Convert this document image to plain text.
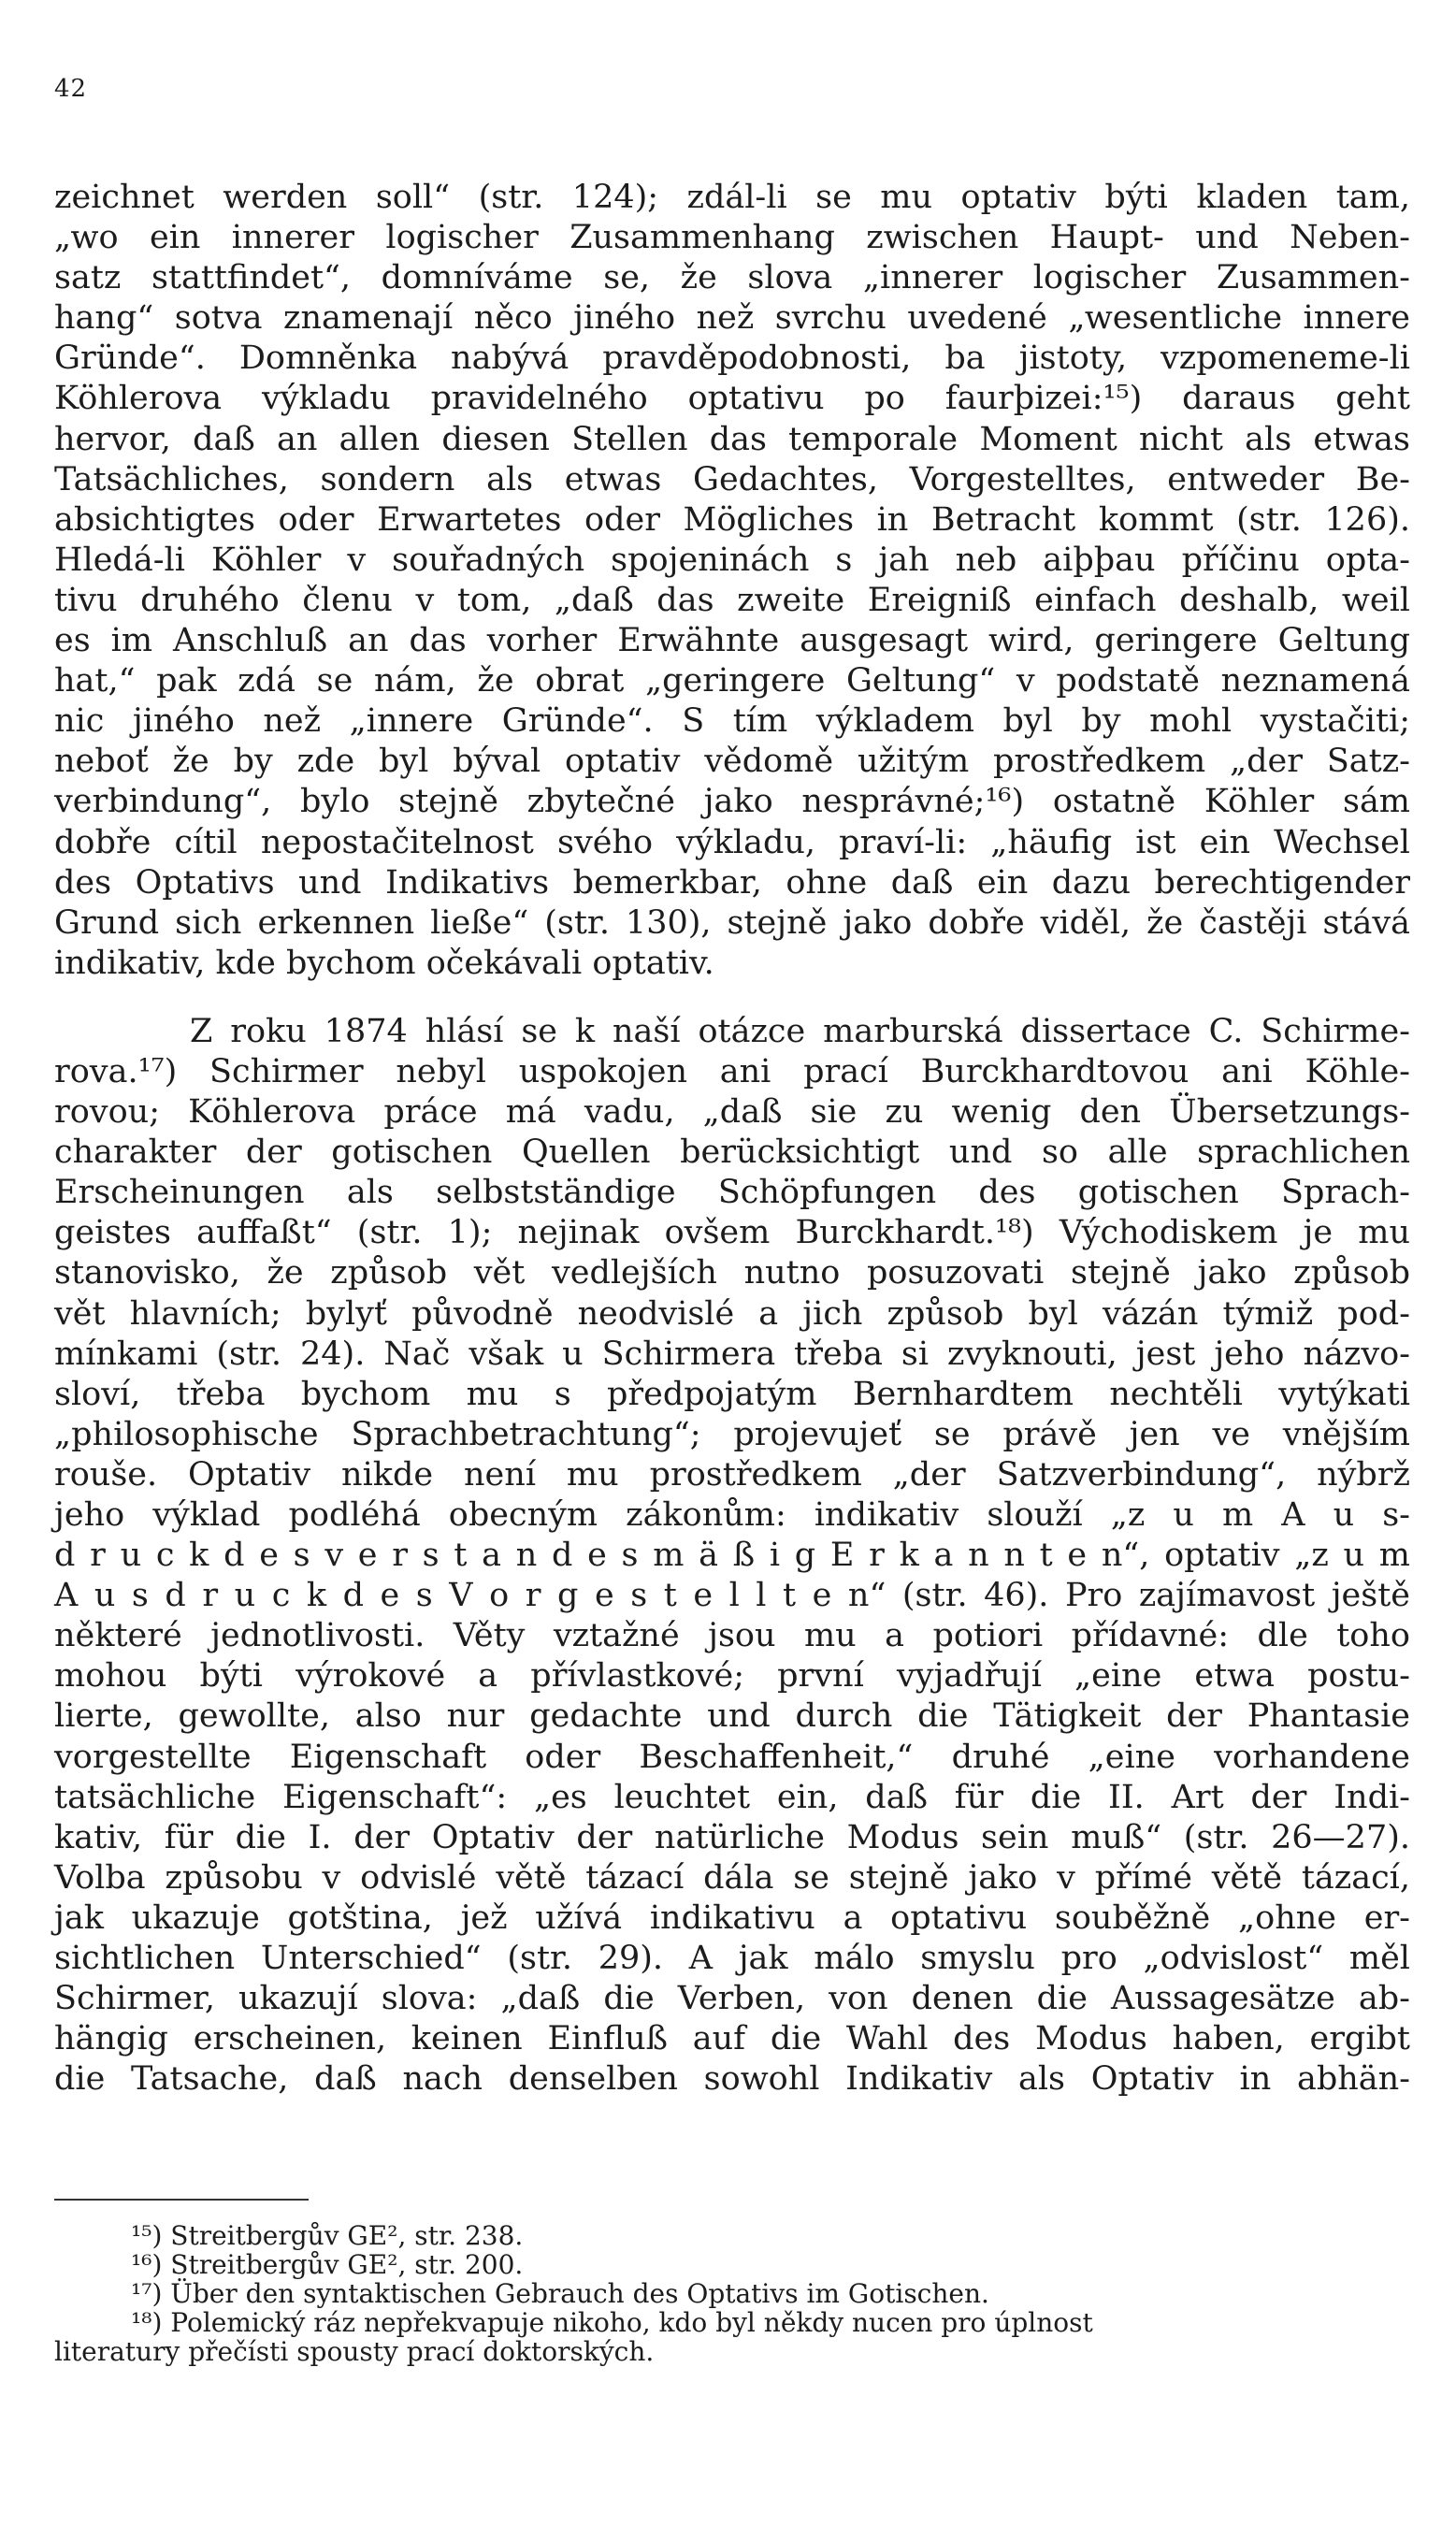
42
zeichnet werden soll“ (str. 124); zdál-li se mu optativ býti kladen tam,
„wo ein innerer logischer Zusammenhang zwischen Haupt- und Neben-
satz stattfindet“, domníváme se, že slova „innerer logischer Zusammen-
hang“ sotva znamenají něco jiného než svrchu uvedené „wesentliche innere
Gründe“. Domněnka nabývá pravděpodobnosti, ba jistoty, vzpomeneme-li
Köhlerova výkladu pravidelného optativu po faurþizei:¹⁵) daraus geht
hervor, daß an allen diesen Stellen das temporale Moment nicht als etwas
Tatsächliches, sondern als etwas Gedachtes, Vorgestelltes, entweder Be-
absichtigtes oder Erwartetes oder Mögliches in Betracht kommt (str. 126).
Hledá-li Köhler v souřadných spojeninách s jah neb aiþþau příčinu opta-
tivu druhého členu v tom, „daß das zweite Ereigniß einfach deshalb, weil
es im Anschluß an das vorher Erwähnte ausgesagt wird, geringere Geltung
hat,“ pak zdá se nám, že obrat „geringere Geltung“ v podstatě neznamená
nic jiného než „innere Gründe“. S tím výkladem byl by mohl vystačiti;
neboť že by zde byl býval optativ vědomě užitým prostředkem „der Satz-
verbindung“, bylo stejně zbytečné jako nesprávné;¹⁶) ostatně Köhler sám
dobře cítil nepostačitelnost svého výkladu, praví-li: „häufig ist ein Wechsel
des Optativs und Indikativs bemerkbar, ohne daß ein dazu berechtigender
Grund sich erkennen ließe“ (str. 130), stejně jako dobře viděl, že častěji stává
indikativ, kde bychom očekávali optativ.
Z roku 1874 hlásí se k naší otázce marburská dissertace C. Schirme-
rova.¹⁷) Schirmer nebyl uspokojen ani prací Burckhardtovou ani Köhle-
rovou; Köhlerova práce má vadu, „daß sie zu wenig den Übersetzungs-
charakter der gotischen Quellen berücksichtigt und so alle sprachlichen
Erscheinungen als selbstständige Schöpfungen des gotischen Sprach-
geistes auffaßt“ (str. 1); nejinak ovšem Burckhardt.¹⁸) Východiskem je mu
stanovisko, že způsob vět vedlejších nutno posuzovati stejně jako způsob
vět hlavních; bylyť původně neodvislé a jich způsob byl vázán týmiž pod-
mínkami (str. 24). Nač však u Schirmera třeba si zvyknouti, jest jeho názvo-
sloví, třeba bychom mu s předpojatým Bernhardtem nechtěli vytýkati
„philosophische Sprachbetrachtung“; projevujeť se právě jen ve vnějším
rouše. Optativ nikde není mu prostředkem „der Satzverbindung“, nýbrž
jeho výklad podléhá obecným zákonům: indikativ slouží „z u m A u s-
d r u c k d e s v e r s t a n d e s m ä ß i g E r k a n n t e n“, optativ „z u m
A u s d r u c k d e s V o r g e s t e l l t e n“ (str. 46). Pro zajímavost ještě
některé jednotlivosti. Věty vztažné jsou mu a potiori přídavné: dle toho
mohou býti výrokové a přívlastkové; první vyjadřují „eine etwa postu-
lierte, gewollte, also nur gedachte und durch die Tätigkeit der Phantasie
vorgestellte Eigenschaft oder Beschaffenheit,“ druhé „eine vorhandene
tatsächliche Eigenschaft“: „es leuchtet ein, daß für die II. Art der Indi-
kativ, für die I. der Optativ der natürliche Modus sein muß“ (str. 26—27).
Volba způsobu v odvislé větě tázací dála se stejně jako v přímé větě tázací,
jak ukazuje gotština, jež užívá indikativu a optativu souběžně „ohne er-
sichtlichen Unterschied“ (str. 29). A jak málo smyslu pro „odvislost“ měl
Schirmer, ukazují slova: „daß die Verben, von denen die Aussagesätze ab-
hängig erscheinen, keinen Einfluß auf die Wahl des Modus haben, ergibt
die Tatsache, daß nach denselben sowohl Indikativ als Optativ in abhän-
¹⁵) Streitbergův GE², str. 238.
¹⁶) Streitbergův GE², str. 200.
¹⁷) Über den syntaktischen Gebrauch des Optativs im Gotischen.
¹⁸) Polemický ráz nepřekvapuje nikoho, kdo byl někdy nucen pro úplnost
literatury přečísti spousty prací doktorských.
